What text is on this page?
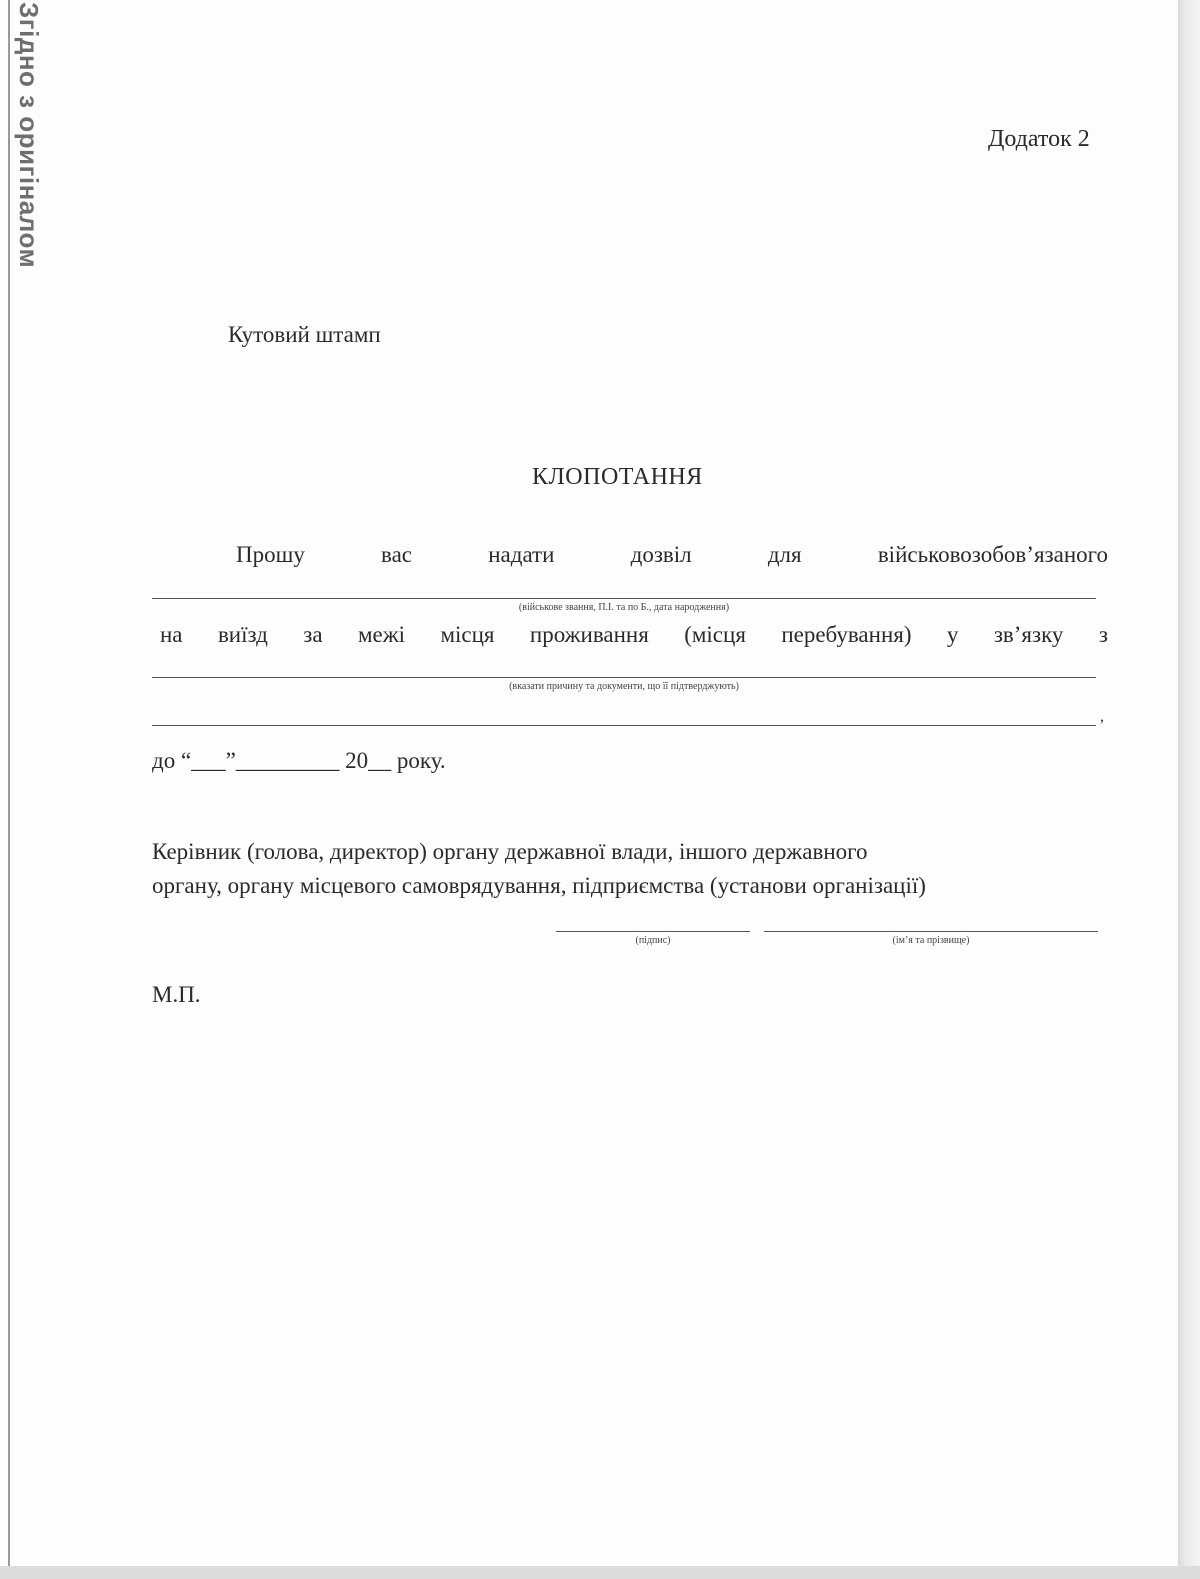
Згідно з оригіналом	Додаток 2
Кутовий штамп
КЛОПОТАННЯ
Прошу	вас	надати	дозвіл	для	військовозобов’язаного
(військове звання, П.І. та по Б., дата народження)
на виїзд за межі місця проживання (місця перебування) у зв’язку з
(вказати причину та документи, що її підтверджують)
,
до “___”_________ 20__ року.
Керівник (голова, директор) органу державної влади, іншого державного
органу, органу місцевого самоврядування, підприємства (установи організації)
(підпис)	(ім’я та прізвище)
М.П.
